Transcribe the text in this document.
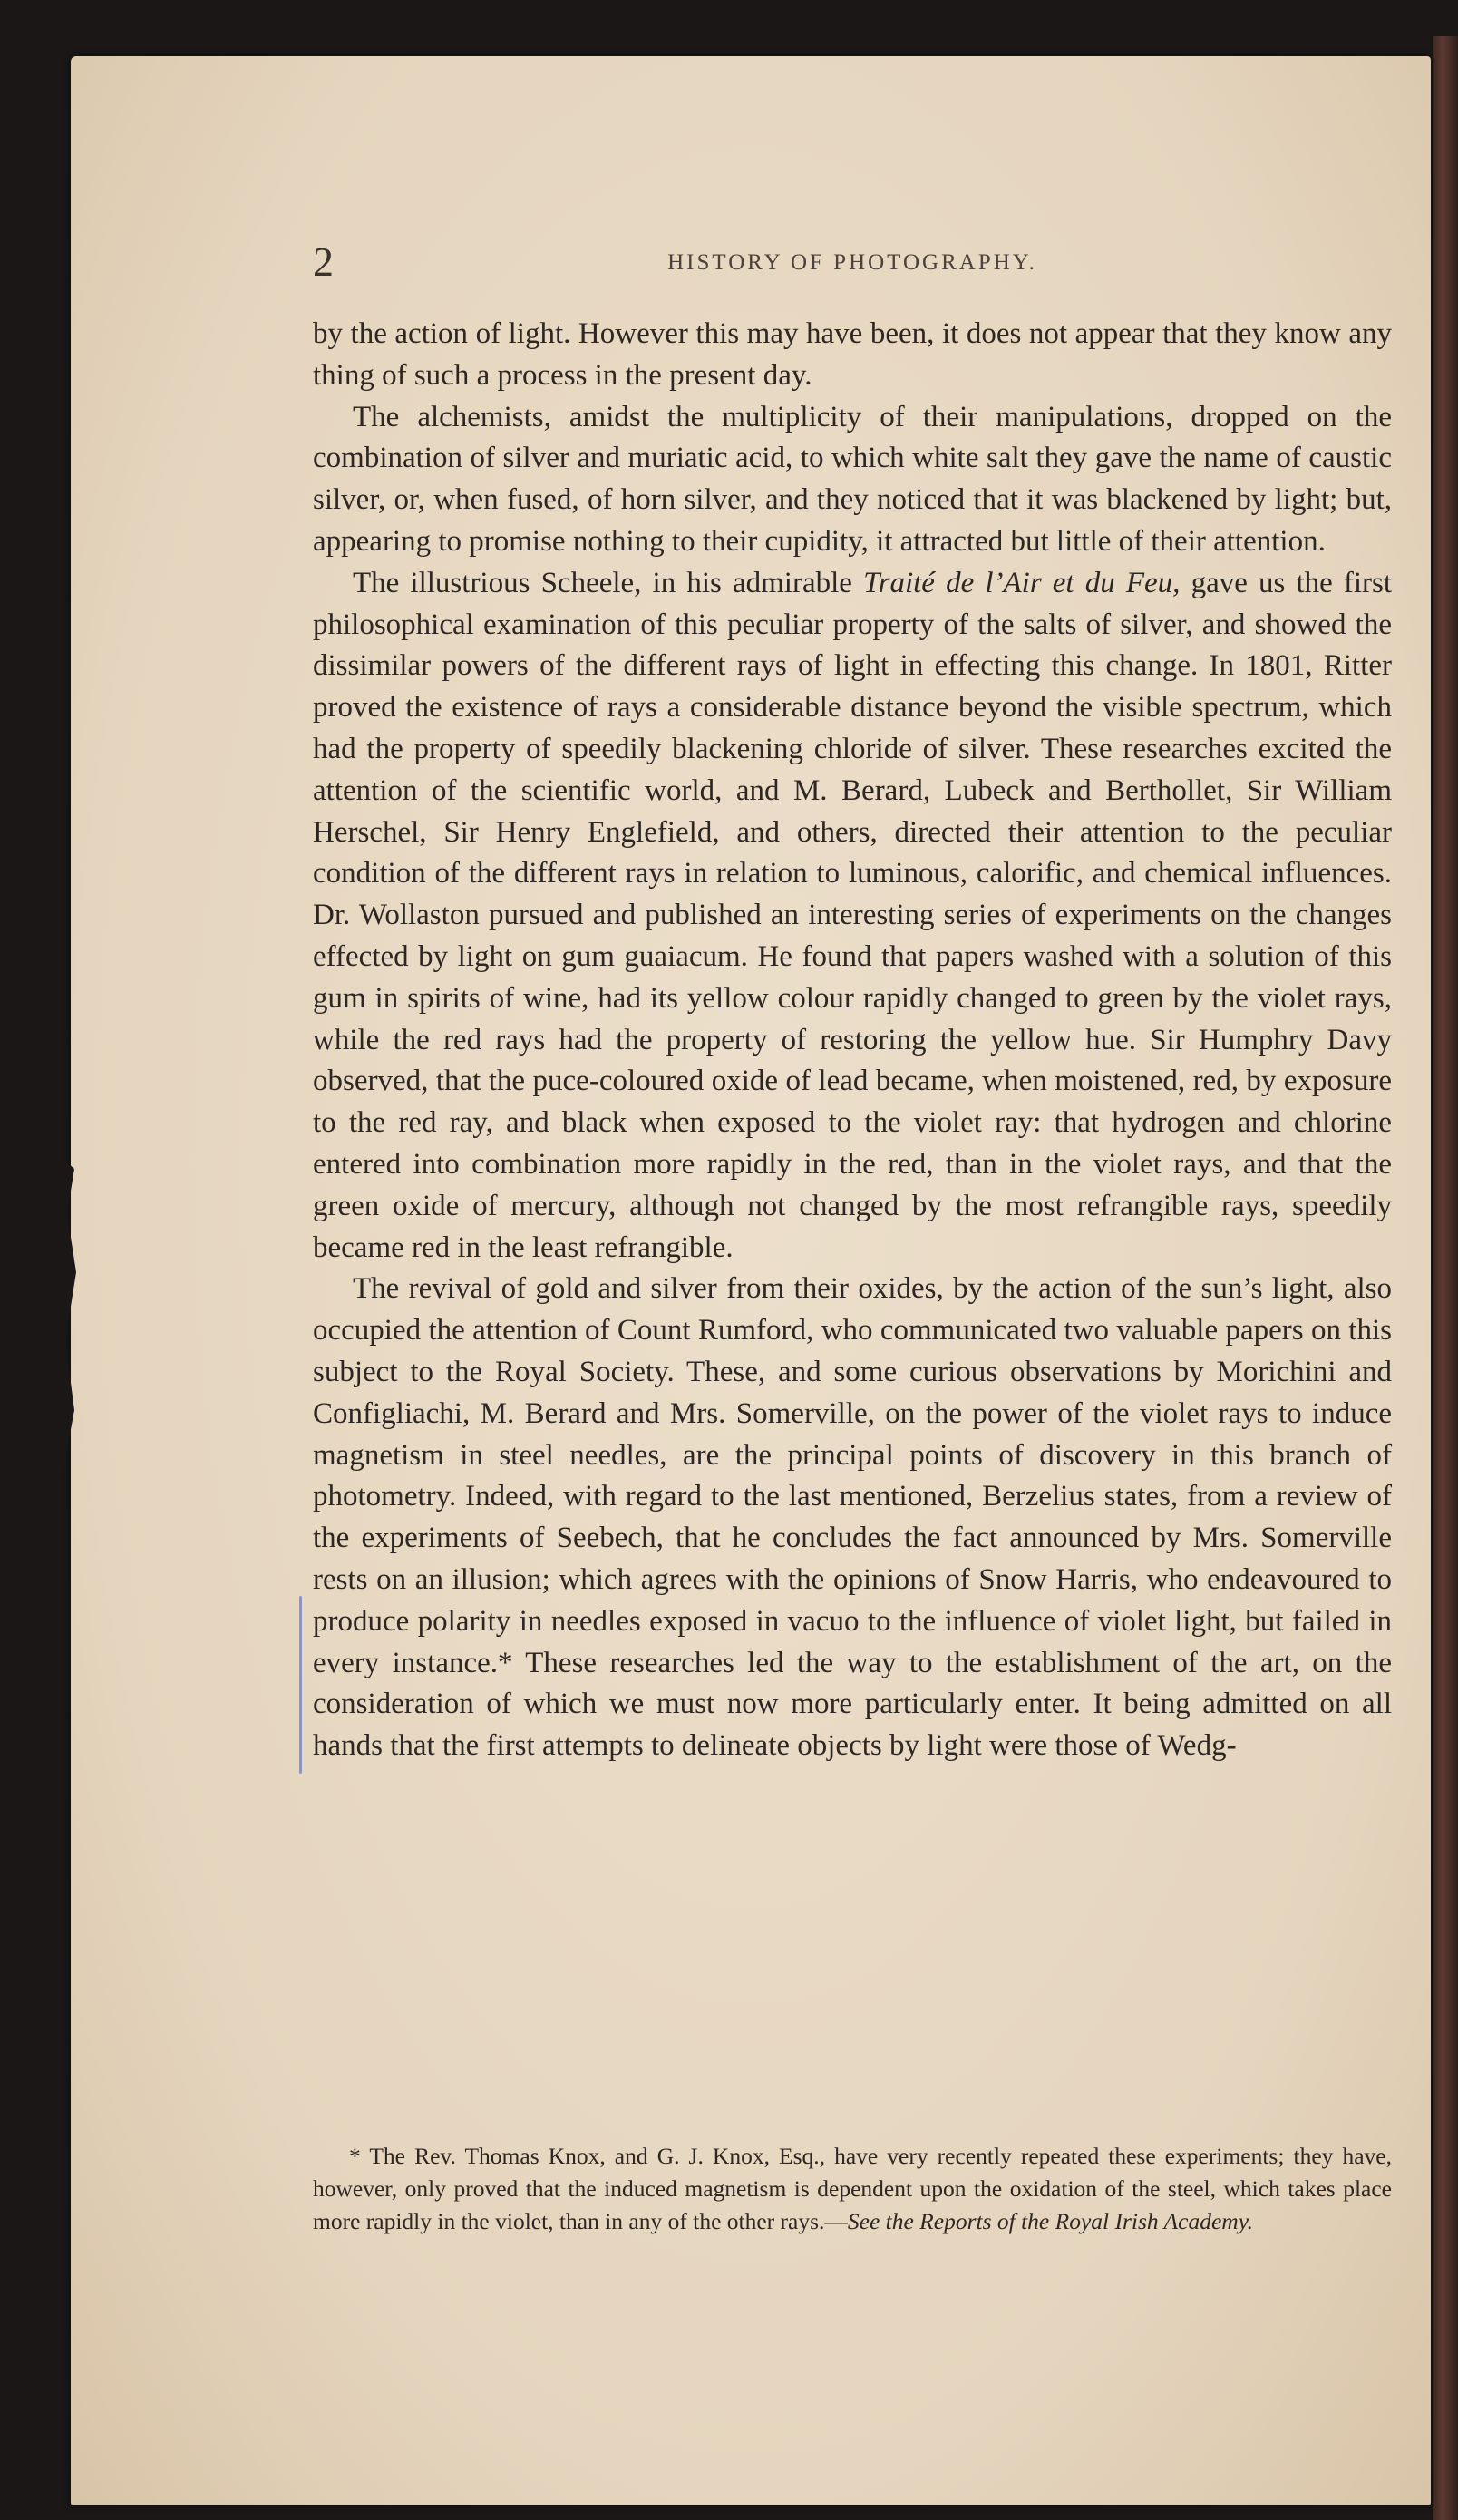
2	HISTORY OF PHOTOGRAPHY.

by the action of light. However this may have been, it does not appear that they know any thing of such a process in the present day.

The alchemists, amidst the multiplicity of their manipulations, dropped on the combination of silver and muriatic acid, to which white salt they gave the name of caustic silver, or, when fused, of horn silver, and they noticed that it was blackened by light; but, appearing to promise nothing to their cupidity, it attracted but little of their attention.

The illustrious Scheele, in his admirable Traité de l’Air et du Feu, gave us the first philosophical examination of this peculiar property of the salts of silver, and showed the dissimilar powers of the different rays of light in effecting this change. In 1801, Ritter proved the existence of rays a considerable distance beyond the visible spectrum, which had the property of speedily blackening chloride of silver. These researches excited the attention of the scientific world, and M. Berard, Lubeck and Berthollet, Sir William Herschel, Sir Henry Englefield, and others, directed their attention to the peculiar condition of the different rays in relation to luminous, calorific, and chemical influences. Dr. Wollaston pursued and published an interesting series of experiments on the changes effected by light on gum guaiacum. He found that papers washed with a solution of this gum in spirits of wine, had its yellow colour rapidly changed to green by the violet rays, while the red rays had the property of restoring the yellow hue. Sir Humphry Davy observed, that the puce-coloured oxide of lead became, when moistened, red, by exposure to the red ray, and black when exposed to the violet ray: that hydrogen and chlorine entered into combination more rapidly in the red, than in the violet rays, and that the green oxide of mercury, although not changed by the most refrangible rays, speedily became red in the least refrangible.

The revival of gold and silver from their oxides, by the action of the sun’s light, also occupied the attention of Count Rumford, who communicated two valuable papers on this subject to the Royal Society. These, and some curious observations by Morichini and Configliachi, M. Berard and Mrs. Somerville, on the power of the violet rays to induce magnetism in steel needles, are the principal points of discovery in this branch of photometry. Indeed, with regard to the last mentioned, Berzelius states, from a review of the experiments of Seebech, that he concludes the fact announced by Mrs. Somerville rests on an illusion; which agrees with the opinions of Snow Harris, who endeavoured to produce polarity in needles exposed in vacuo to the influence of violet light, but failed in every instance.* These researches led the way to the establishment of the art, on the consideration of which we must now more particularly enter. It being admitted on all hands that the first attempts to delineate objects by light were those of Wedg-

* The Rev. Thomas Knox, and G. J. Knox, Esq., have very recently repeated these experiments; they have, however, only proved that the induced magnetism is dependent upon the oxidation of the steel, which takes place more rapidly in the violet, than in any of the other rays.—See the Reports of the Royal Irish Academy.
